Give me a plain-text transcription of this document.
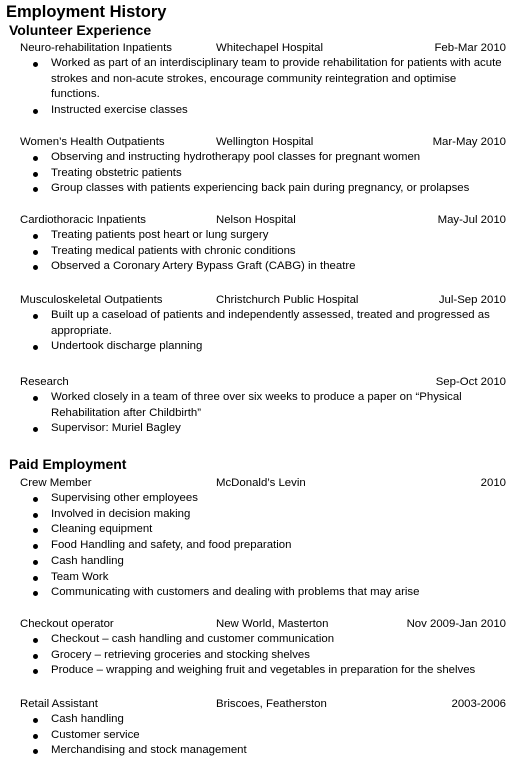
Employment History
Volunteer Experience
Neuro-rehabilitation Inpatients	Whitechapel Hospital	Feb-Mar 2010
Worked as part of an interdisciplinary team to provide rehabilitation for patients with acute strokes and non-acute strokes, encourage community reintegration and optimise functions.
Instructed exercise classes
Women’s Health Outpatients	Wellington Hospital	Mar-May 2010
Observing and instructing hydrotherapy pool classes for pregnant women
Treating obstetric patients
Group classes with patients experiencing back pain during pregnancy, or prolapses
Cardiothoracic Inpatients	Nelson Hospital	May-Jul 2010
Treating patients post heart or lung surgery
Treating medical patients with chronic conditions
Observed a Coronary Artery Bypass Graft (CABG) in theatre
Musculoskeletal Outpatients	Christchurch Public Hospital	Jul-Sep 2010
Built up a caseload of patients and independently assessed, treated and progressed as appropriate.
Undertook discharge planning
Research	Sep-Oct 2010
Worked closely in a team of three over six weeks to produce a paper on “Physical Rehabilitation after Childbirth”
Supervisor: Muriel Bagley
Paid Employment
Crew Member	McDonald’s Levin	2010
Supervising other employees
Involved in decision making
Cleaning equipment
Food Handling and safety, and food preparation
Cash handling
Team Work
Communicating with customers and dealing with problems that may arise
Checkout operator	New World, Masterton	Nov 2009-Jan 2010
Checkout – cash handling and customer communication
Grocery – retrieving groceries and stocking shelves
Produce – wrapping and weighing fruit and vegetables in preparation for the shelves
Retail Assistant	Briscoes, Featherston	2003-2006
Cash handling
Customer service
Merchandising and stock management
